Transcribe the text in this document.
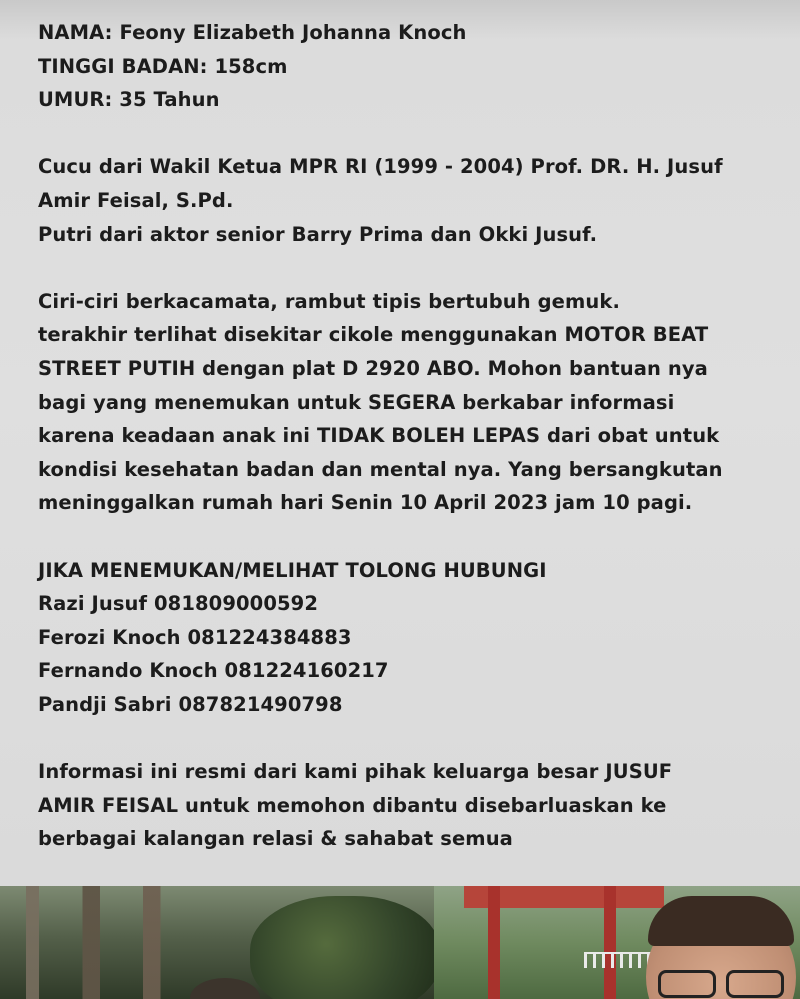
NAMA: Feony Elizabeth Johanna Knoch
TINGGI BADAN: 158cm
UMUR: 35 Tahun
Cucu dari Wakil Ketua MPR RI (1999 - 2004) Prof. DR. H. Jusuf
Amir Feisal, S.Pd.
Putri dari aktor senior Barry Prima dan Okki Jusuf.
Ciri-ciri berkacamata, rambut tipis bertubuh gemuk.
terakhir terlihat disekitar cikole menggunakan MOTOR BEAT
STREET PUTIH dengan plat D 2920 ABO. Mohon bantuan nya
bagi yang menemukan untuk SEGERA berkabar informasi
karena keadaan anak ini TIDAK BOLEH LEPAS dari obat untuk
kondisi kesehatan badan dan mental nya. Yang bersangkutan
meninggalkan rumah hari Senin 10 April 2023 jam 10 pagi.
JIKA MENEMUKAN/MELIHAT TOLONG HUBUNGI
Razi Jusuf 081809000592
Ferozi Knoch 081224384883
Fernando Knoch 081224160217
Pandji Sabri 087821490798
Informasi ini resmi dari kami pihak keluarga besar JUSUF
AMIR FEISAL untuk memohon dibantu disebarluaskan ke
berbagai kalangan relasi & sahabat semua
